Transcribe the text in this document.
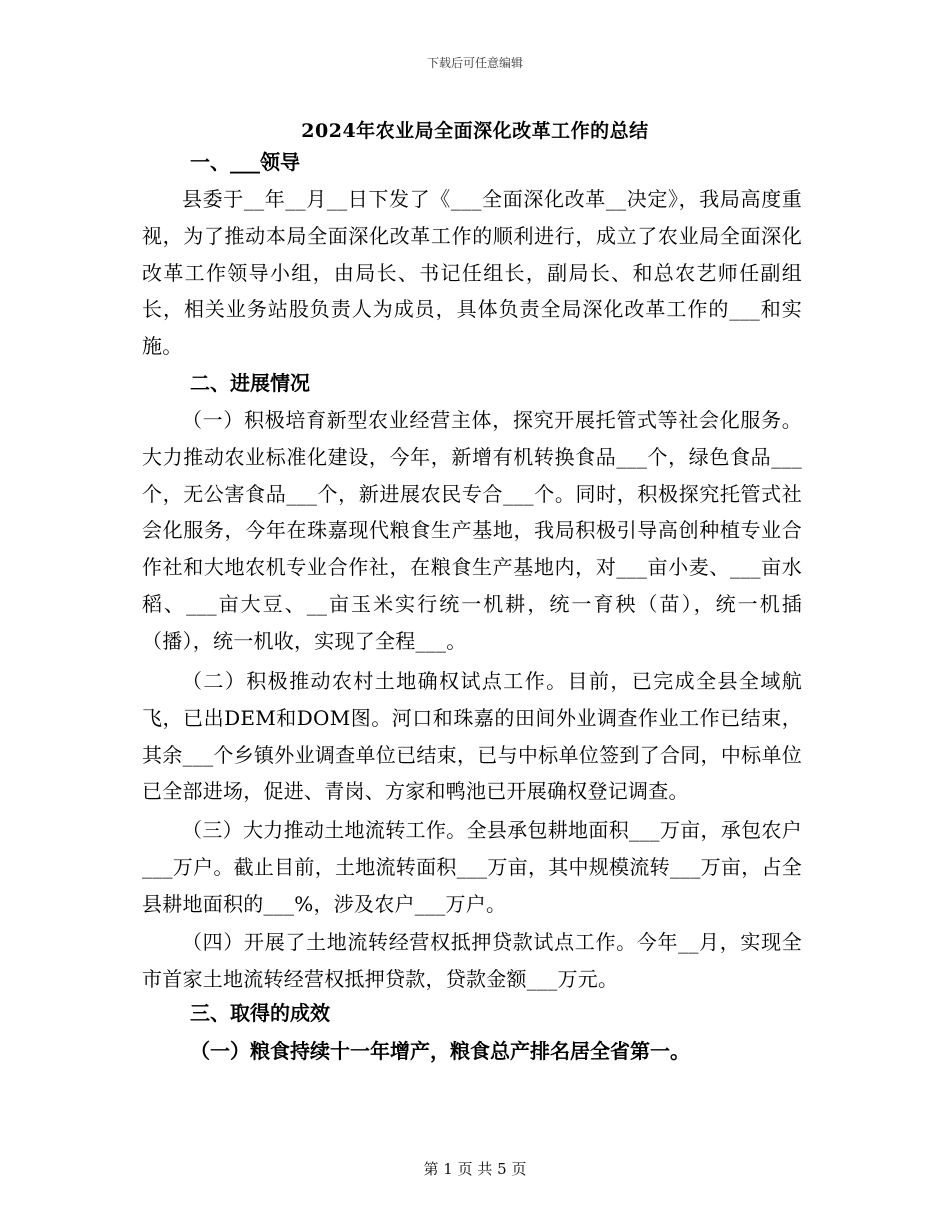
下载后可任意编辑
2024年农业局全面深化改革工作的总结
一、___领导
县委于__年__月__日下发了《___全面深化改革__决定》，我局高度重视，为了推动本局全面深化改革工作的顺利进行，成立了农业局全面深化改革工作领导小组，由局长、书记任组长，副局长、和总农艺师任副组长，相关业务站股负责人为成员，具体负责全局深化改革工作的___和实施。
二、进展情况
（一）积极培育新型农业经营主体，探究开展托管式等社会化服务。大力推动农业标准化建设，今年，新增有机转换食品___个，绿色食品___个，无公害食品___个，新进展农民专合___个。同时，积极探究托管式社会化服务，今年在珠嘉现代粮食生产基地，我局积极引导高创种植专业合作社和大地农机专业合作社，在粮食生产基地内，对___亩小麦、___亩水稻、___亩大豆、__亩玉米实行统一机耕，统一育秧（苗），统一机插（播），统一机收，实现了全程___。
（二）积极推动农村土地确权试点工作。目前，已完成全县全域航飞，已出DEM和DOM图。河口和珠嘉的田间外业调查作业工作已结束，其余___个乡镇外业调查单位已结束，已与中标单位签到了合同，中标单位已全部进场，促进、青岗、方家和鸭池已开展确权登记调查。
（三）大力推动土地流转工作。全县承包耕地面积___万亩，承包农户___万户。截止目前，土地流转面积___万亩，其中规模流转___万亩，占全县耕地面积的___%，涉及农户___万户。
（四）开展了土地流转经营权抵押贷款试点工作。今年__月，实现全市首家土地流转经营权抵押贷款，贷款金额___万元。
三、取得的成效
（一）粮食持续十一年增产，粮食总产排名居全省第一。
第 1 页 共 5 页
